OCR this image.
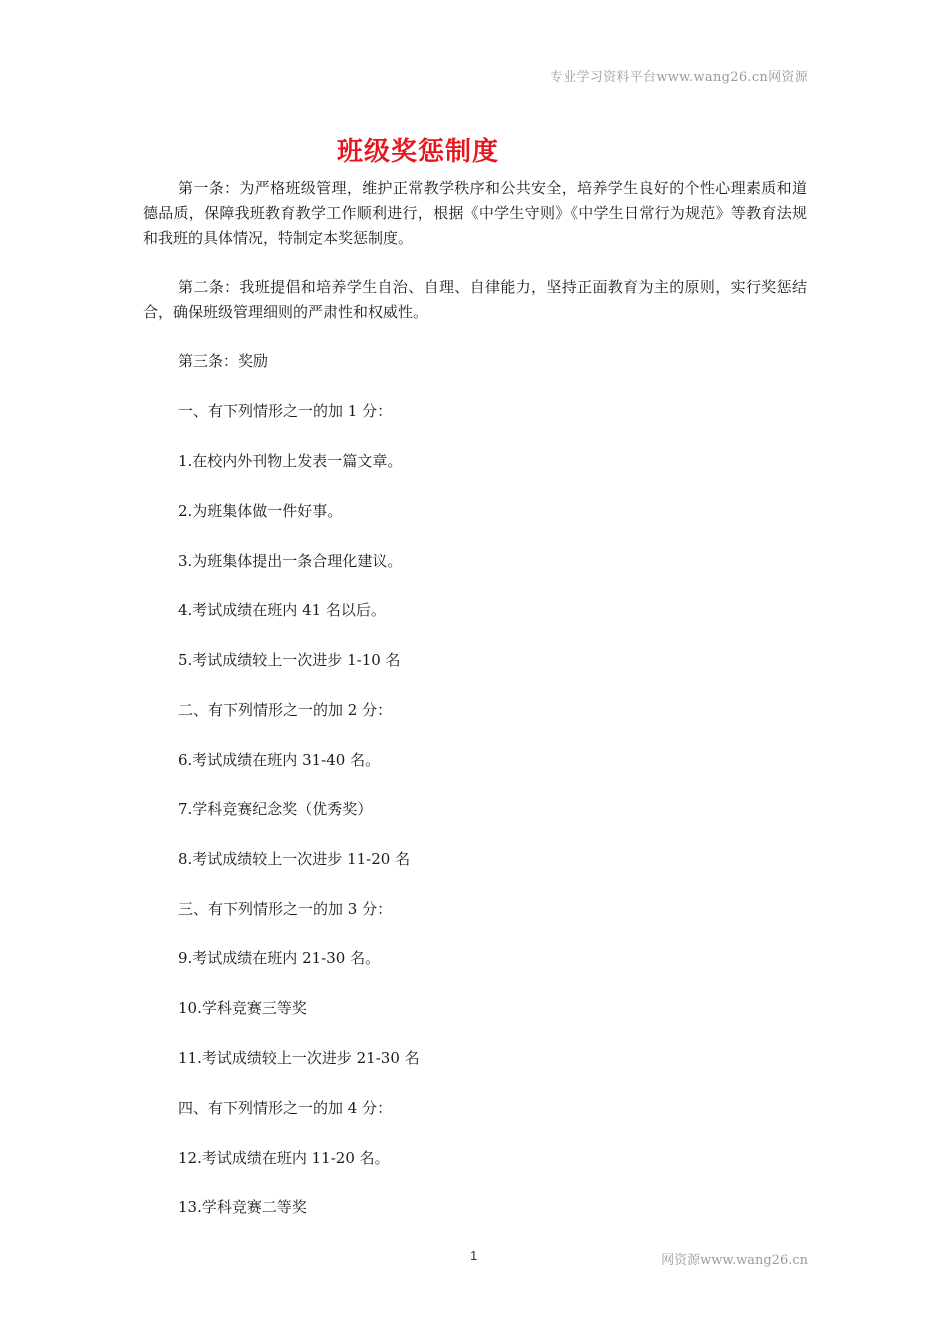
专业学习资料平台www.wang26.cn网资源
班级奖惩制度

第一条：为严格班级管理，维护正常教学秩序和公共安全，培养学生良好的个性心理素质和道德品质，保障我班教育教学工作顺利进行，根据《中学生守则》《中学生日常行为规范》等教育法规和我班的具体情况，特制定本奖惩制度。

第二条：我班提倡和培养学生自治、自理、自律能力，坚持正面教育为主的原则，实行奖惩结合，确保班级管理细则的严肃性和权威性。

第三条：奖励

一、有下列情形之一的加 1 分：

1.在校内外刊物上发表一篇文章。

2.为班集体做一件好事。

3.为班集体提出一条合理化建议。

4.考试成绩在班内 41 名以后。

5.考试成绩较上一次进步 1-10 名

二、有下列情形之一的加 2 分：

6.考试成绩在班内 31-40 名。

7.学科竞赛纪念奖（优秀奖）

8.考试成绩较上一次进步 11-20 名

三、有下列情形之一的加 3 分：

9.考试成绩在班内 21-30 名。

10.学科竞赛三等奖

11.考试成绩较上一次进步 21-30 名

四、有下列情形之一的加 4 分：

12.考试成绩在班内 11-20 名。

13.学科竞赛二等奖

1	网资源www.wang26.cn
